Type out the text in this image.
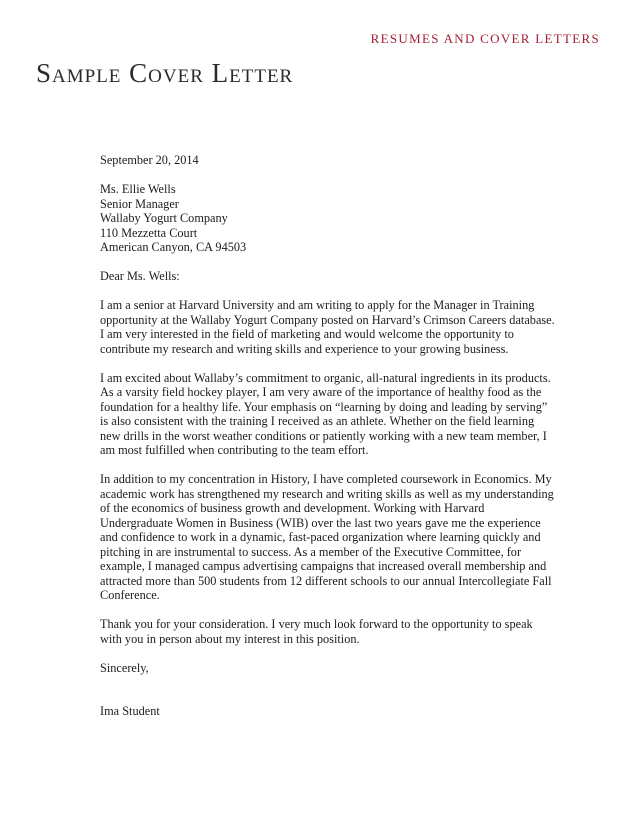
RESUMES AND COVER LETTERS
Sample Cover Letter

September 20, 2014

Ms. Ellie Wells

Senior Manager

Wallaby Yogurt Company

110 Mezzetta Court

American Canyon, CA 94503

Dear Ms. Wells:

I am a senior at Harvard University and am writing to apply for the Manager in Training opportunity at the Wallaby Yogurt Company posted on Harvard’s Crimson Careers database. I am very interested in the field of marketing and would welcome the opportunity to contribute my research and writing skills and experience to your growing business.

I am excited about Wallaby’s commitment to organic, all-natural ingredients in its products. As a varsity field hockey player, I am very aware of the importance of healthy food as the foundation for a healthy life. Your emphasis on “learning by doing and leading by serving” is also consistent with the training I received as an athlete. Whether on the field learning new drills in the worst weather conditions or patiently working with a new team member, I am most fulfilled when contributing to the team effort.

In addition to my concentration in History, I have completed coursework in Economics. My academic work has strengthened my research and writing skills as well as my understanding of the economics of business growth and development. Working with Harvard Undergraduate Women in Business (WIB) over the last two years gave me the experience and confidence to work in a dynamic, fast-paced organization where learning quickly and pitching in are instrumental to success. As a member of the Executive Committee, for example, I managed campus advertising campaigns that increased overall membership and attracted more than 500 students from 12 different schools to our annual Intercollegiate Fall Conference.

Thank you for your consideration. I very much look forward to the opportunity to speak with you in person about my interest in this position.

Sincerely,

Ima Student
